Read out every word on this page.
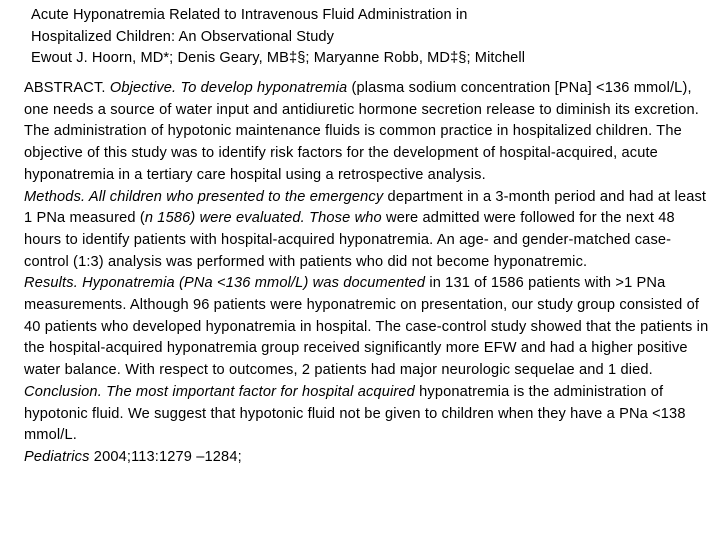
Acute Hyponatremia Related to Intravenous Fluid Administration in
Hospitalized Children: An Observational Study
Ewout J. Hoorn, MD*; Denis Geary, MB‡§; Maryanne Robb, MD‡§; Mitchell

ABSTRACT. Objective. To develop hyponatremia (plasma sodium concentration [PNa] <136 mmol/L), one needs a source of water input and antidiuretic hormone secretion release to diminish its excretion. The administration of hypotonic maintenance fluids is common practice in hospitalized children. The objective of this study was to identify risk factors for the development of hospital-acquired, acute hyponatremia in a tertiary care hospital using a retrospective analysis.

Methods. All children who presented to the emergency department in a 3-month period and had at least 1 PNa measured (n 1586) were evaluated. Those who were admitted were followed for the next 48 hours to identify patients with hospital-acquired hyponatremia. An age- and gender-matched case-control (1:3) analysis was performed with patients who did not become hyponatremic.

Results. Hyponatremia (PNa <136 mmol/L) was documented in 131 of 1586 patients with >1 PNa measurements. Although 96 patients were hyponatremic on presentation, our study group consisted of 40 patients who developed hyponatremia in hospital. The case-control study showed that the patients in the hospital-acquired hyponatremia group received significantly more EFW and had a higher positive water balance. With respect to outcomes, 2 patients had major neurologic sequelae and 1 died.

Conclusion. The most important factor for hospital acquired hyponatremia is the administration of hypotonic fluid. We suggest that hypotonic fluid not be given to children when they have a PNa <138 mmol/L.

Pediatrics 2004;113:1279 –1284;
